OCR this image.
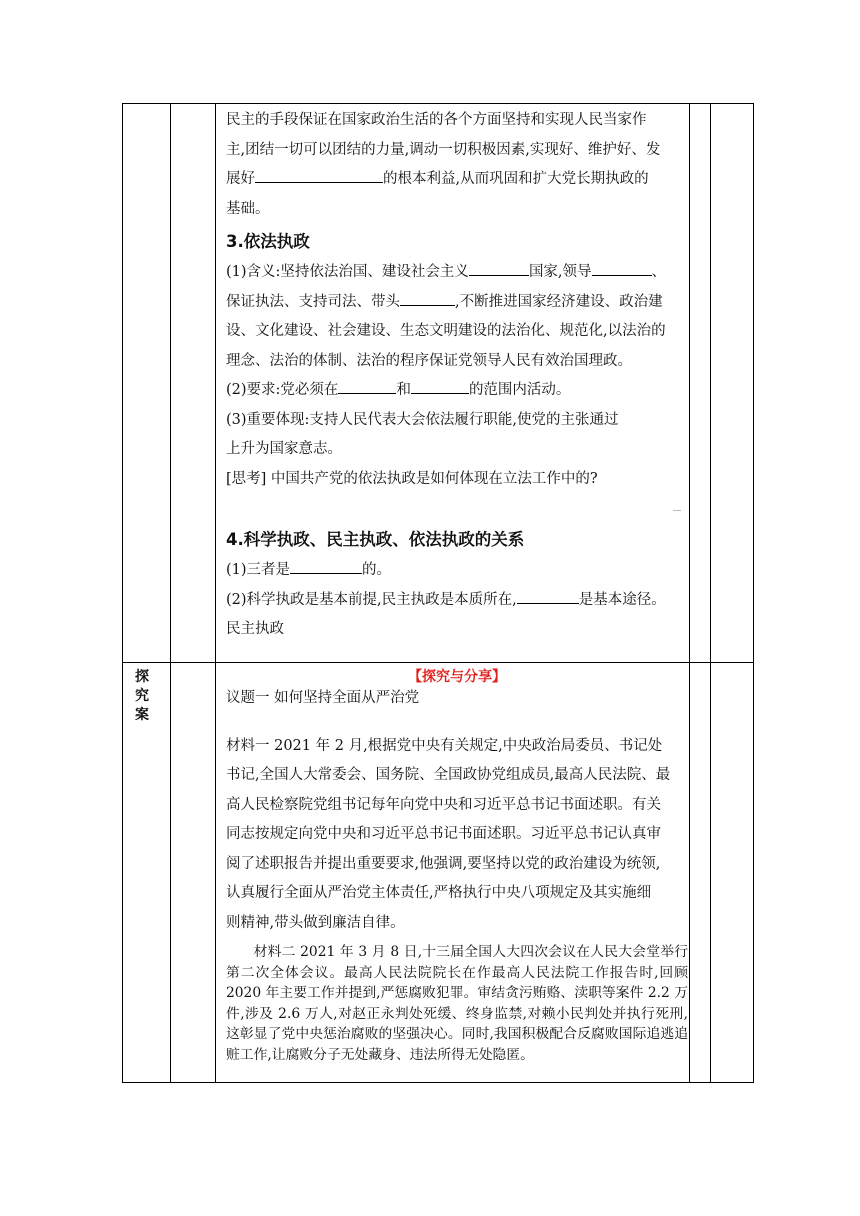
民主的手段保证在国家政治生活的各个方面坚持和实现人民当家作

主,团结一切可以团结的力量,调动一切积极因素,实现好、维护好、发

展好	的根本利益,从而巩固和扩大党长期执政的

基础。

3.依法执政

(1)含义:坚持依法治国、建设社会主义	国家,领导	、

保证执法、支持司法、带头	,不断推进国家经济建设、政治建

设、文化建设、社会建设、生态文明建设的法治化、规范化,以法治的

理念、法治的体制、法治的程序保证党领导人民有效治国理政。

(2)要求:党必须在	和	的范围内活动。

(3)重要体现:支持人民代表大会依法履行职能,使党的主张通过

上升为国家意志。

[思考] 中国共产党的依法执政是如何体现在立法工作中的?

4.科学执政、民主执政、依法执政的关系

(1)三者是	的。

(2)科学执政是基本前提,民主执政是本质所在,	是基本途径。

民主执政

探
究
案
【探究与分享】

议题一 如何坚持全面从严治党

材料一 2021 年 2 月,根据党中央有关规定,中央政治局委员、书记处

书记,全国人大常委会、国务院、全国政协党组成员,最高人民法院、最

高人民检察院党组书记每年向党中央和习近平总书记书面述职。有关

同志按规定向党中央和习近平总书记书面述职。习近平总书记认真审

阅了述职报告并提出重要要求,他强调,要坚持以党的政治建设为统领,

认真履行全面从严治党主体责任,严格执行中央八项规定及其实施细

则精神,带头做到廉洁自律。

材料二 2021 年 3 月 8 日,十三届全国人大四次会议在人民大会堂举行第二次全体会议。最高人民法院院长在作最高人民法院工作报告时,回顾 2020 年主要工作并提到,严惩腐败犯罪。审结贪污贿赂、渎职等案件 2.2 万件,涉及 2.6 万人,对赵正永判处死缓、终身监禁,对赖小民判处并执行死刑,这彰显了党中央惩治腐败的坚强决心。同时,我国积极配合反腐败国际追逃追赃工作,让腐败分子无处藏身、违法所得无处隐匿。
